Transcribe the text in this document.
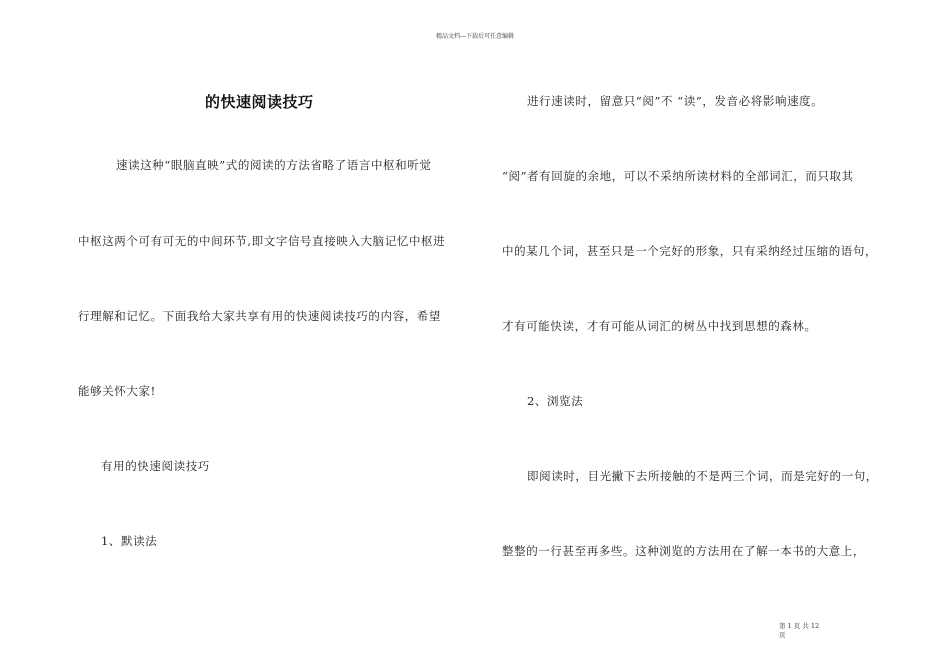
精品文档---下载后可任意编辑
的快速阅读技巧
速读这种“眼脑直映”式的阅读的方法省略了语言中枢和听觉
中枢这两个可有可无的中间环节,即文字信号直接映入大脑记忆中枢进
行理解和记忆。下面我给大家共享有用的快速阅读技巧的内容，希望
能够关怀大家!
有用的快速阅读技巧
1、默读法
进行速读时，留意只“阅”不 “读”，发音必将影响速度。
“阅”者有回旋的余地，可以不采纳所读材料的全部词汇，而只取其
中的某几个词，甚至只是一个完好的形象，只有采纳经过压缩的语句，
才有可能快读，才有可能从词汇的树丛中找到思想的森林。
2、浏览法
即阅读时，目光撇下去所接触的不是两三个词，而是完好的一句，
整整的一行甚至再多些。这种浏览的方法用在了解一本书的大意上，
第 1 页 共 12
页
